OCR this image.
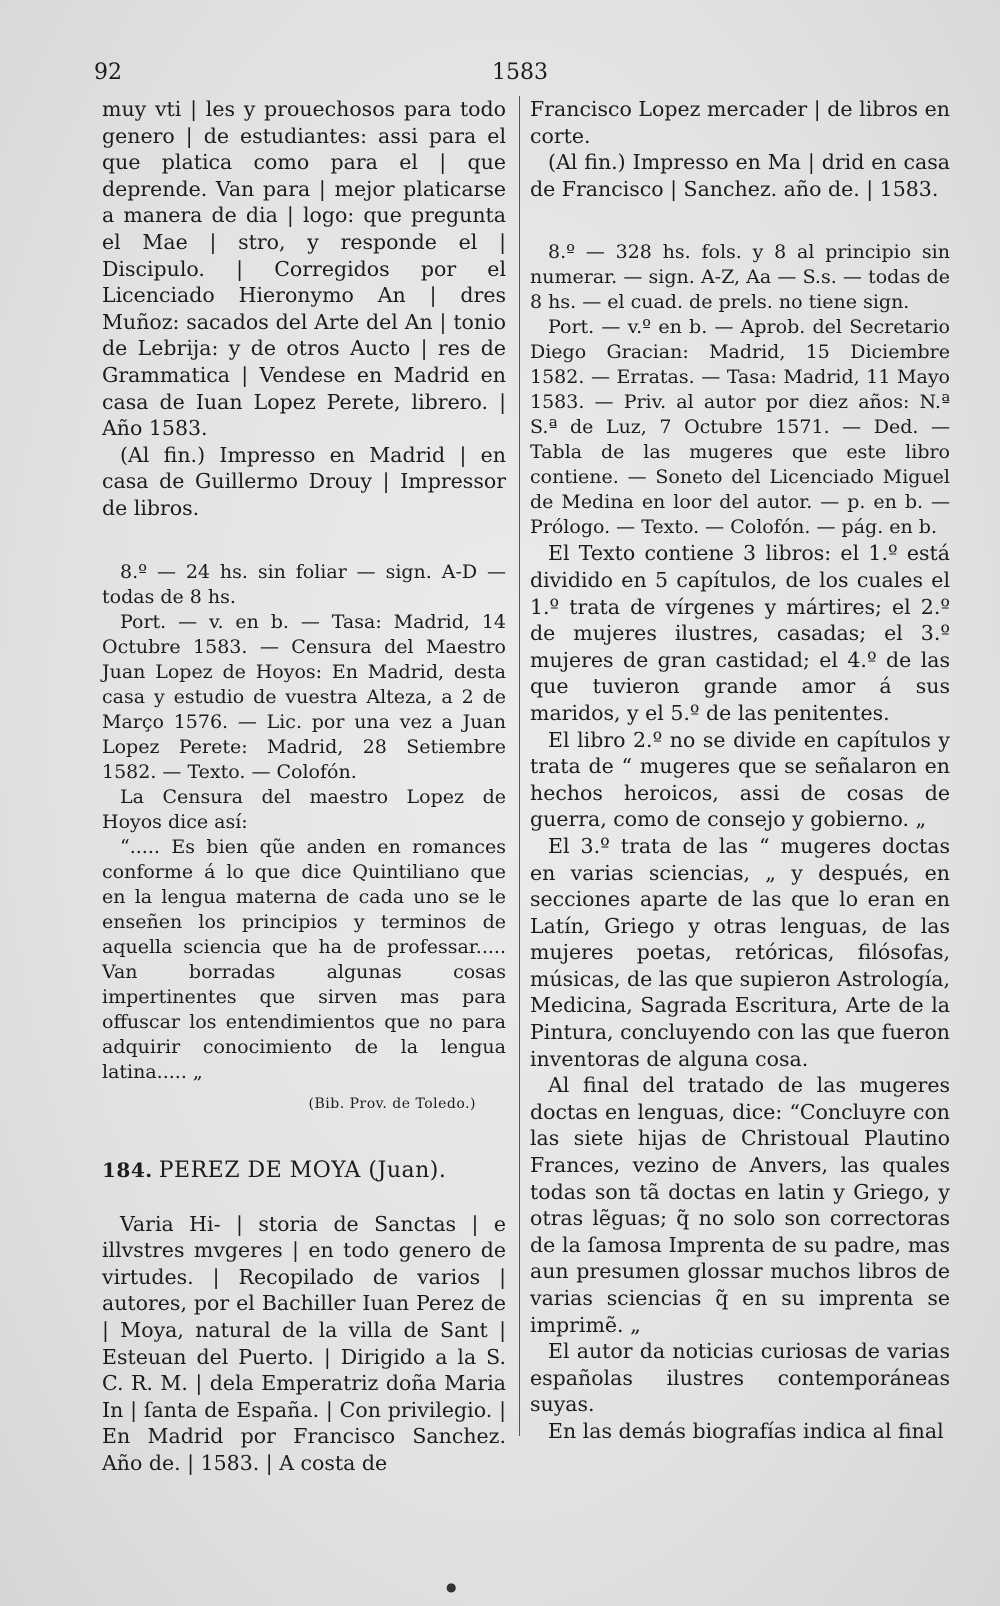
92	1583

muy vti | les y prouechosos para todo genero | de estudiantes: assi para el que platica como para el | que deprende. Van para | mejor platicarse a manera de dia | logo: que pregunta el Mae | stro, y responde el | Discipulo. | Corregidos por el Licenciado Hieronymo An | dres Muñoz: sacados del Arte del An | tonio de Lebrija: y de otros Aucto | res de Grammatica | Vendese en Madrid en casa de Iuan Lopez Perete, librero. | Año 1583.

(Al fin.) Impresso en Madrid | en casa de Guillermo Drouy | Impressor de libros.

8.º — 24 hs. sin foliar — sign. A-D — todas de 8 hs.

Port. — v. en b. — Tasa: Madrid, 14 Octubre 1583. — Censura del Maestro Juan Lopez de Hoyos: En Madrid, desta casa y estudio de vuestra Alteza, a 2 de Março 1576. — Lic. por una vez a Juan Lopez Perete: Madrid, 28 Setiembre 1582. — Texto. — Colofón.

La Censura del maestro Lopez de Hoyos dice así:

“..... Es bien qũe anden en romances conforme á lo que dice Quintiliano que en la lengua materna de cada uno se le enseñen los principios y terminos de aquella sciencia que ha de professar..... Van borradas algunas cosas impertinentes que sirven mas para offuscar los entendimientos que no para adquirir conocimiento de la lengua latina..... „

(Bib. Prov. de Toledo.)

184. PEREZ DE MOYA (Juan).

Varia Hi- | storia de Sanctas | e illvstres mvgeres | en todo genero de virtudes. | Recopilado de varios | autores, por el Bachiller Iuan Perez de | Moya, natural de la villa de Sant | Esteuan del Puerto. | Dirigido a la S. C. R. M. | dela Emperatriz doña Maria In | ſanta de España. | Con privilegio. | En Madrid por Francisco Sanchez. Año de. | 1583. | A costa de

Francisco Lopez mercader | de libros en corte.

(Al fin.) Impresso en Ma | drid en casa de Francisco | Sanchez. año de. | 1583.

8.º — 328 hs. fols. y 8 al principio sin numerar. — sign. A-Z, Aa — S.s. — todas de 8 hs. — el cuad. de prels. no tiene sign.

Port. — v.º en b. — Aprob. del Secretario Diego Gracian: Madrid, 15 Diciembre 1582. — Erratas. — Tasa: Madrid, 11 Mayo 1583. — Priv. al autor por diez años: N.ª S.ª de Luz, 7 Octubre 1571. — Ded. — Tabla de las mugeres que este libro contiene. — Soneto del Licenciado Miguel de Medina en loor del autor. — p. en b. — Prólogo. — Texto. — Colofón. — pág. en b.

El Texto contiene 3 libros: el 1.º está dividido en 5 capítulos, de los cuales el 1.º trata de vírgenes y mártires; el 2.º de mujeres ilustres, casadas; el 3.º mujeres de gran castidad; el 4.º de las que tuvieron grande amor á sus maridos, y el 5.º de las penitentes.

El libro 2.º no se divide en capítulos y trata de “ mugeres que se señalaron en hechos heroicos, assi de cosas de guerra, como de consejo y gobierno. „

El 3.º trata de las “ mugeres doctas en varias sciencias, „ y después, en secciones aparte de las que lo eran en Latín, Griego y otras lenguas, de las mujeres poetas, retóricas, filósofas, músicas, de las que supieron Astrología, Medicina, Sagrada Escritura, Arte de la Pintura, concluyendo con las que fueron inventoras de alguna cosa.

Al final del tratado de las mugeres doctas en lenguas, dice: “Concluyre con las siete hijas de Christoual Plautino Frances, vezino de Anvers, las quales todas son tã doctas en latin y Griego, y otras lẽguas; q̃ no solo son correctoras de la ſamosa Imprenta de su padre, mas aun presumen glossar muchos libros de varias sciencias q̃ en su imprenta se imprimẽ. „

El autor da noticias curiosas de varias españolas ilustres contemporáneas suyas.

En las demás biografías indica al final

●
